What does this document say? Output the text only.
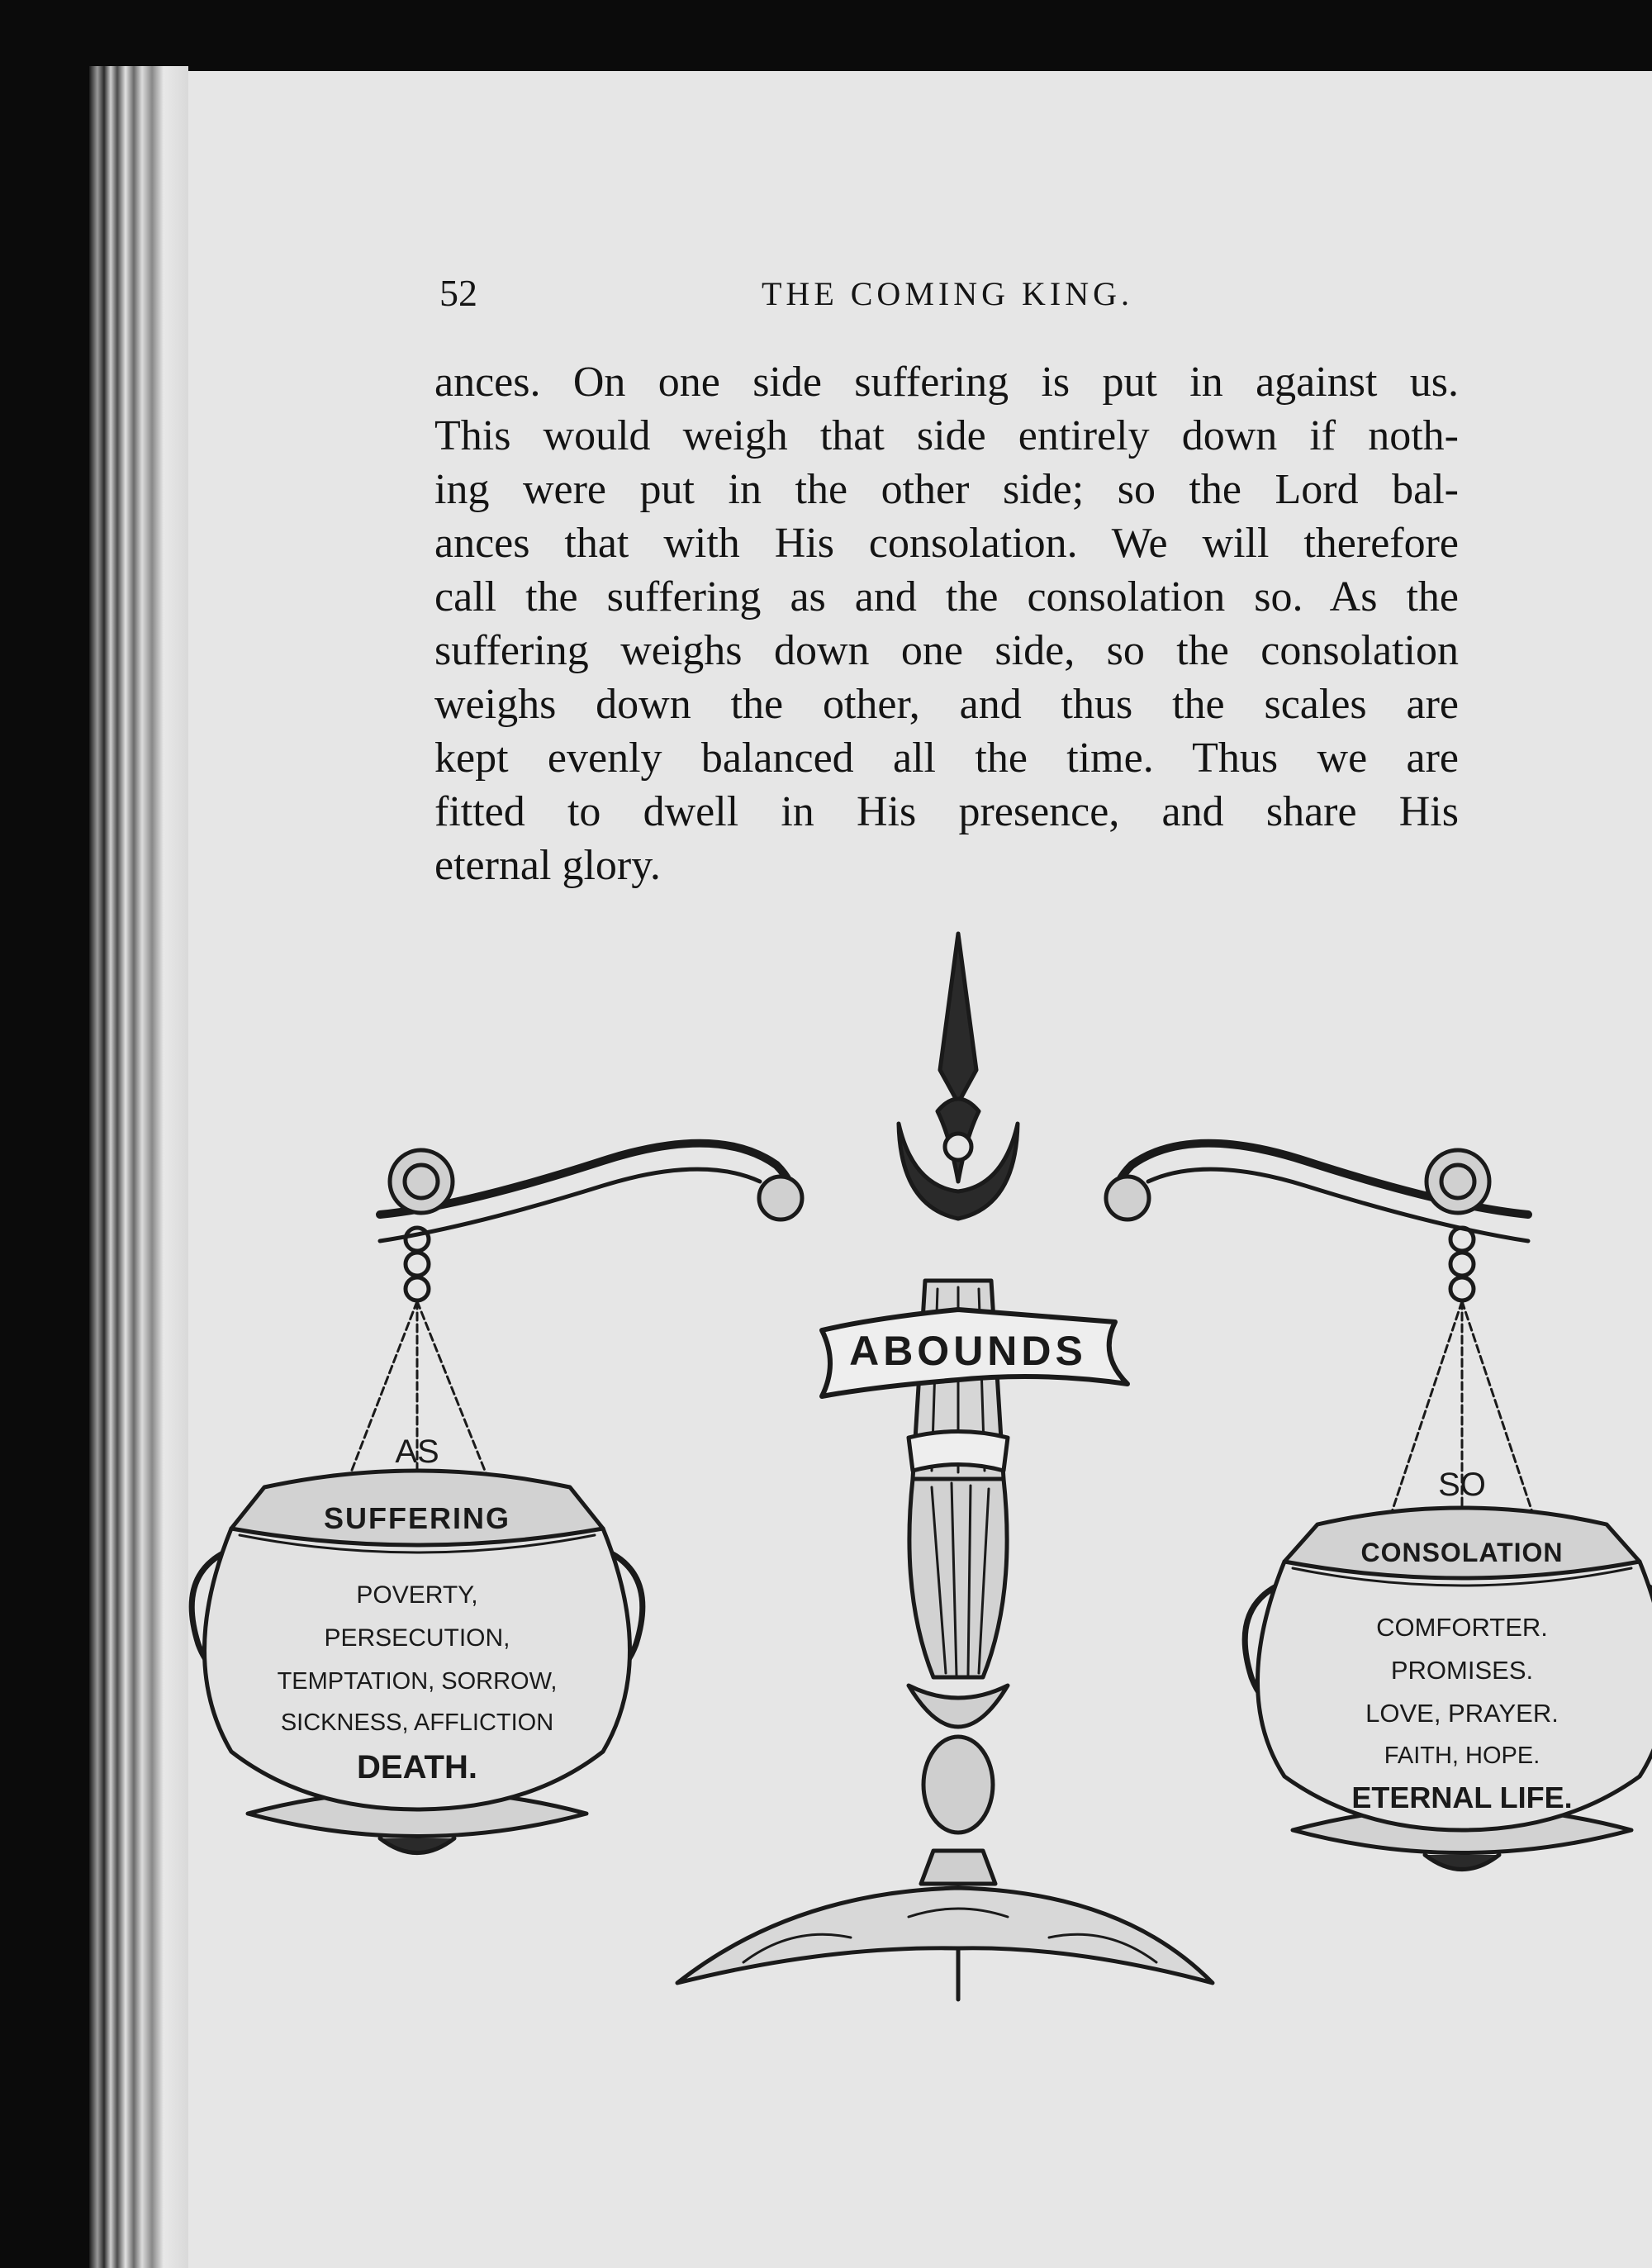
52	THE COMING KING.
ances. On one side suffering is put in against us.
This would weigh that side entirely down if noth-
ing were put in the other side; so the Lord bal-
ances that with His consolation. We will therefore
call the suffering as and the consolation so. As the
suffering weighs down one side, so the consolation
weighs down the other, and thus the scales are
kept evenly balanced all the time. Thus we are
fitted to dwell in His presence, and share His
eternal glory.
ABOUNDS
AS
SUFFERING
POVERTY,
PERSECUTION,
TEMPTATION, SORROW,
SICKNESS, AFFLICTION
DEATH.
SO
CONSOLATION
COMFORTER.
PROMISES.
LOVE, PRAYER.
FAITH, HOPE.
ETERNAL LIFE.
